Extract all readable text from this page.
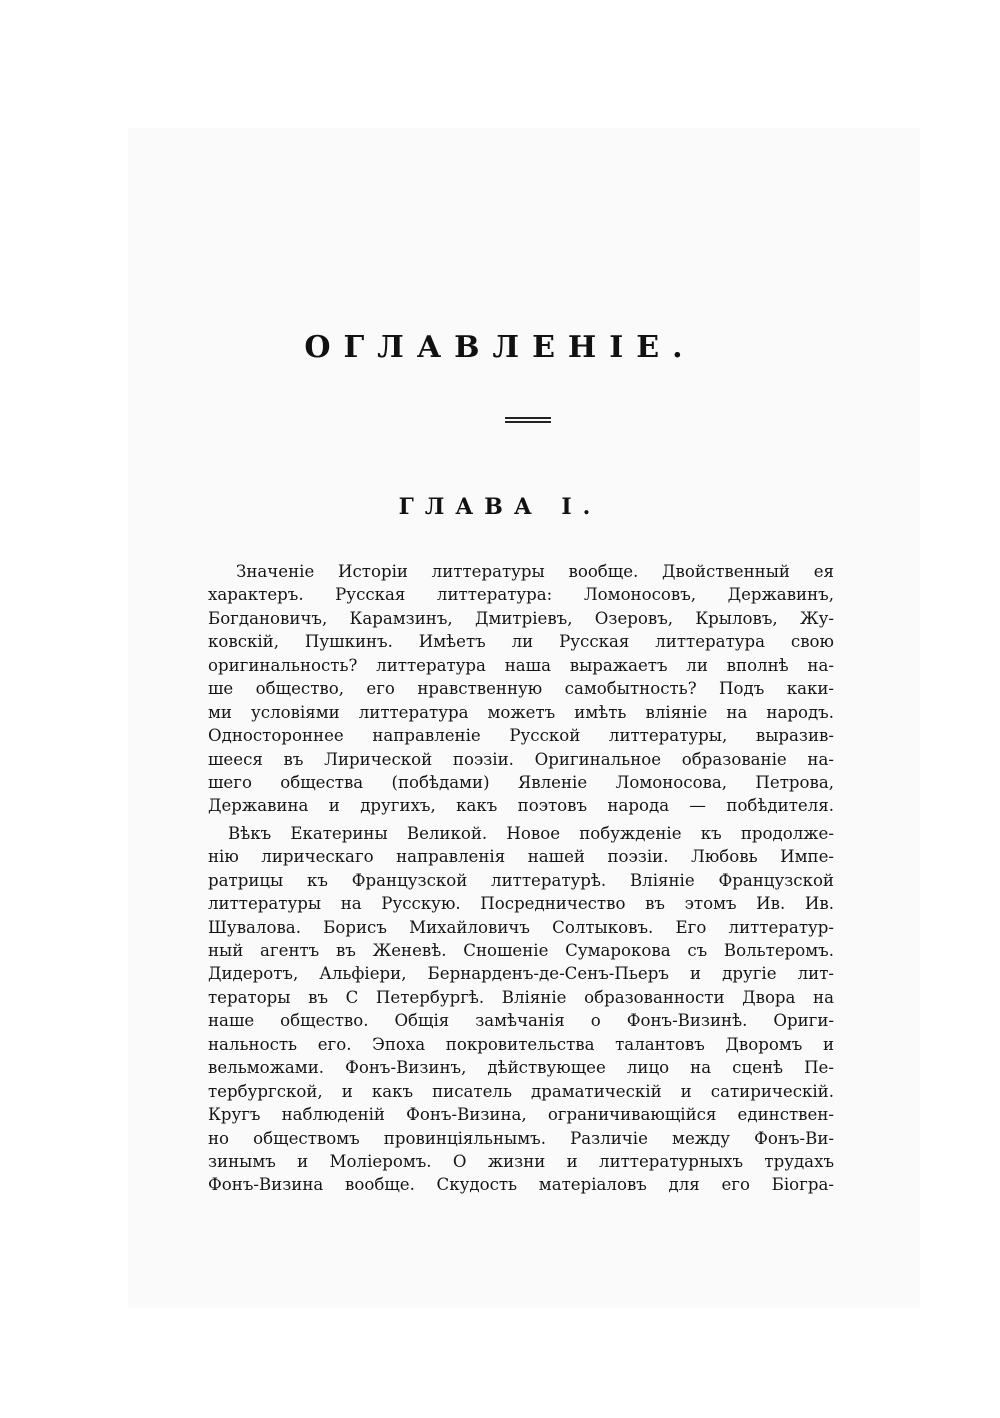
ОГЛАВЛЕНІЕ.
ГЛАВА І.
Значеніе Исторіи литтературы вообще. Двойственный ея
характеръ. Русская литтература: Ломоносовъ, Державинъ,
Богдановичъ, Карамзинъ, Дмитріевъ, Озеровъ, Крыловъ, Жу-
ковскій, Пушкинъ. Имѣетъ ли Русская литтература свою
оригинальность? литтература наша выражаетъ ли вполнѣ на-
ше общество, его нравственную самобытность? Подъ каки-
ми условіями литтература можетъ имѣть вліяніе на народъ.
Одностороннее направленіе Русской литтературы, выразив-
шееся въ Лирической поэзіи. Оригинальное образованіе на-
шего общества (побѣдами) Явленіе Ломоносова, Петрова,
Державина и другихъ, какъ поэтовъ народа — побѣдителя.
Вѣкъ Екатерины Великой. Новое побужденіе къ продолже-
нію лирическаго направленія нашей поэзіи. Любовь Импе-
ратрицы къ Французской литтературѣ. Вліяніе Французской
литтературы на Русскую. Посредничество въ этомъ Ив. Ив.
Шувалова. Борисъ Михайловичъ Солтыковъ. Его литтератур-
ный агентъ въ Женевѣ. Сношеніе Сумарокова съ Вольтеромъ.
Дидеротъ, Альфіери, Бернарденъ-де-Сенъ-Пьеръ и другіе лит-
тераторы въ С Петербургѣ. Вліяніе образованности Двора на
наше общество. Общія замѣчанія о Фонъ-Визинѣ. Ориги-
нальность его. Эпоха покровительства талантовъ Дворомъ и
вельможами. Фонъ-Визинъ, дѣйствующее лицо на сценѣ Пе-
тербургской, и какъ писатель драматическій и сатирическій.
Кругъ наблюденій Фонъ-Визина, ограничивающійся единствен-
но обществомъ провинціяльнымъ. Различіе между Фонъ-Ви-
зинымъ и Моліеромъ. О жизни и литтературныхъ трудахъ
Фонъ-Визина вообще. Скудость матеріаловъ для его Біогра-
